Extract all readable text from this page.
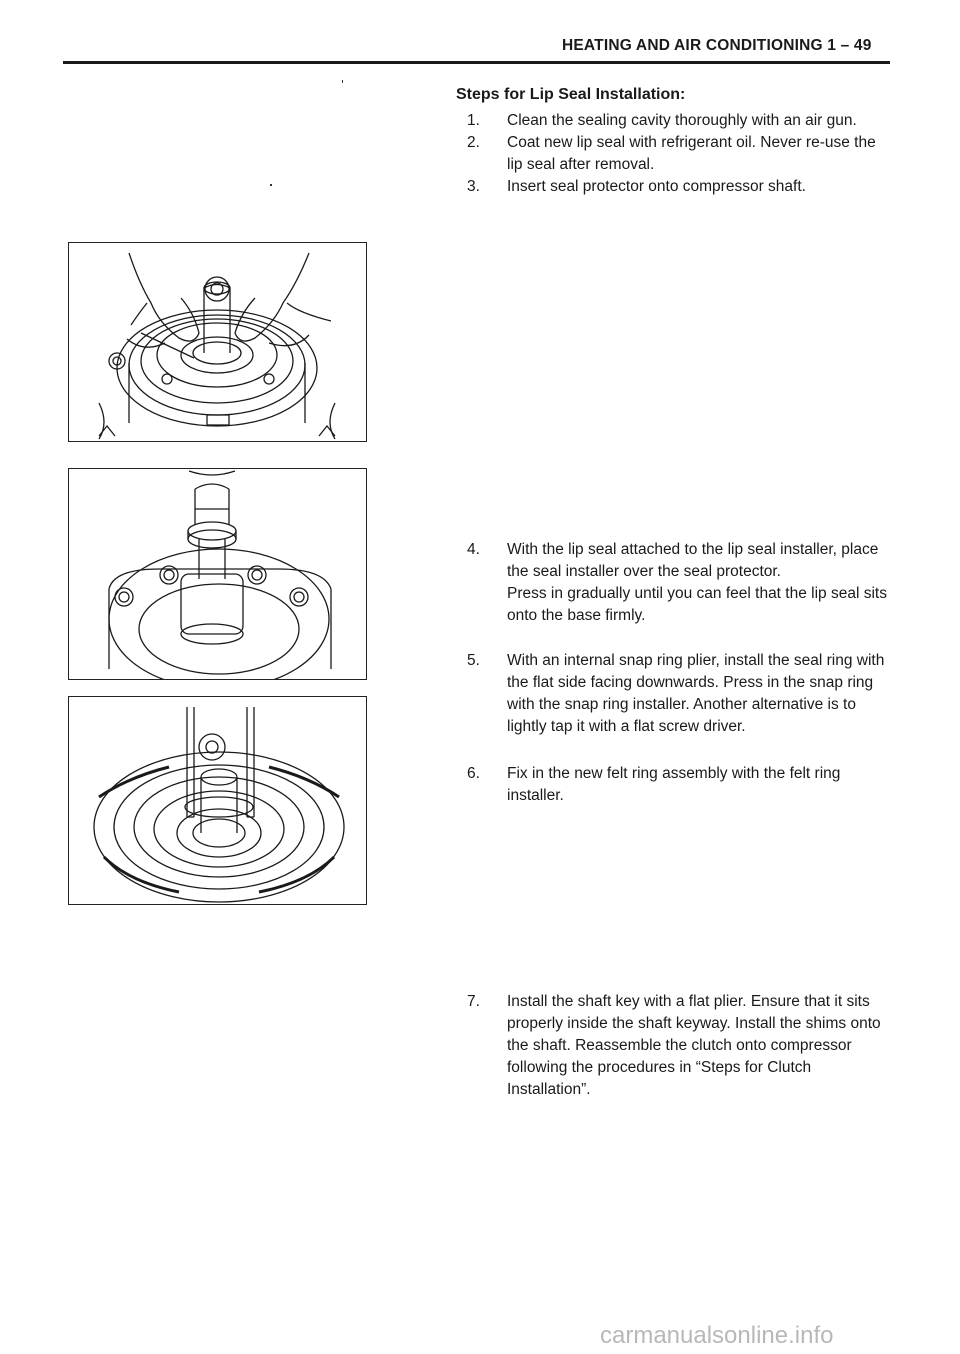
HEATING AND AIR CONDITIONING 1 – 49
Steps for Lip Seal Installation:
1. Clean the sealing cavity thoroughly with an air gun.
2. Coat new lip seal with refrigerant oil. Never re-use the
lip seal after removal.
3. Insert seal protector onto compressor shaft.
4. With the lip seal attached to the lip seal installer, place
the seal installer over the seal protector.
Press in gradually until you can feel that the lip seal sits
onto the base firmly.
5. With an internal snap ring plier, install the seal ring with
the flat side facing downwards. Press in the snap ring
with the snap ring installer. Another alternative is to
lightly tap it with a flat screw driver.
6. Fix in the new felt ring assembly with the felt ring
installer.
7. Install the shaft key with a flat plier. Ensure that it sits
properly inside the shaft keyway. Install the shims onto
the shaft. Reassemble the clutch onto compressor
following the procedures in “Steps for Clutch
Installation”.
carmanualsonline.info
